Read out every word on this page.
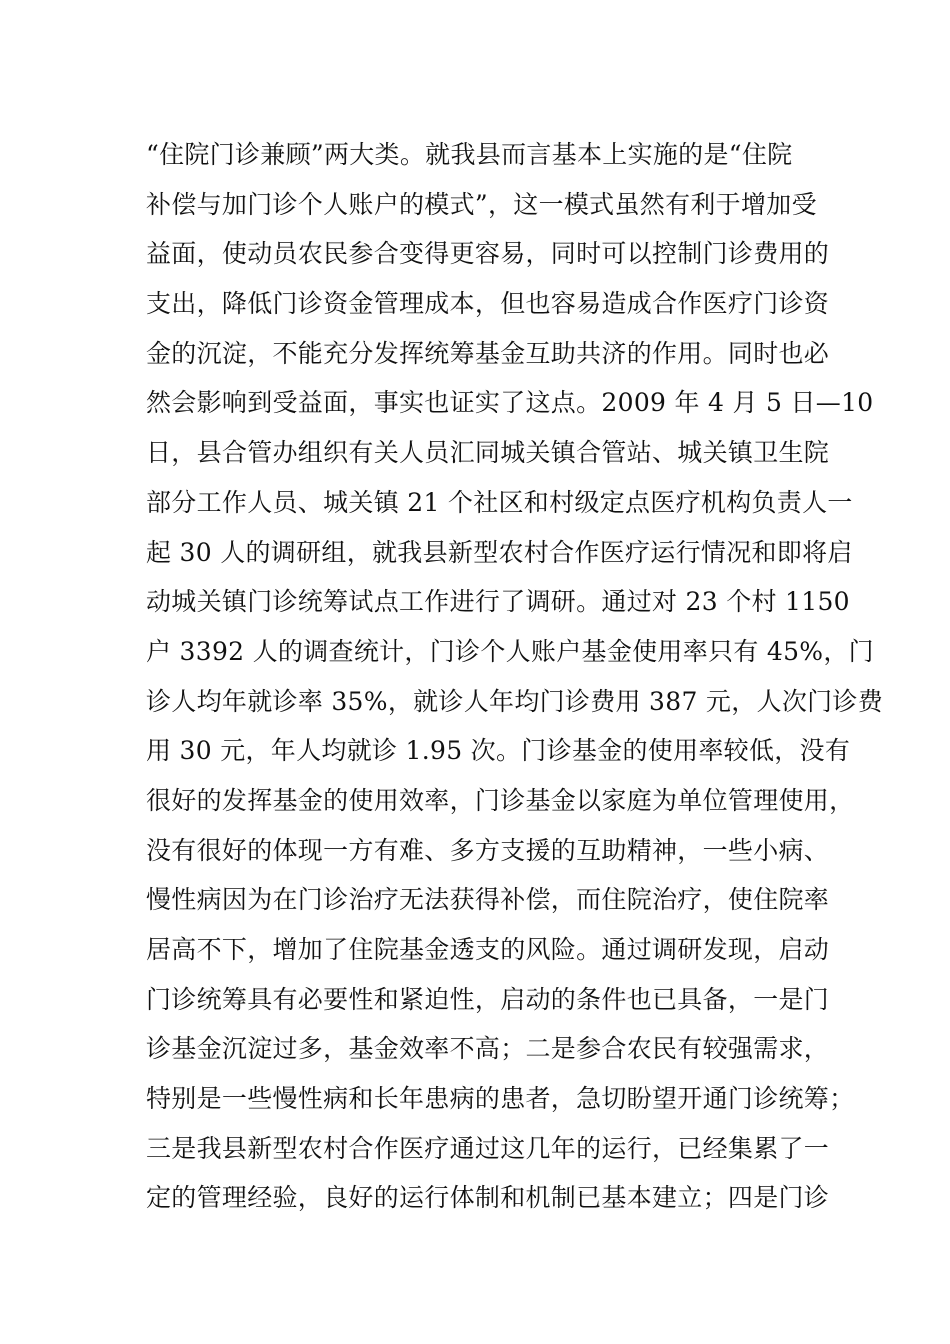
“住院门诊兼顾”两大类。就我县而言基本上实施的是“住院
补偿与加门诊个人账户的模式”，这一模式虽然有利于增加受
益面，使动员农民参合变得更容易，同时可以控制门诊费用的
支出，降低门诊资金管理成本，但也容易造成合作医疗门诊资
金的沉淀，不能充分发挥统筹基金互助共济的作用。同时也必
然会影响到受益面，事实也证实了这点。2009 年 4 月 5 日—10
日，县合管办组织有关人员汇同城关镇合管站、城关镇卫生院
部分工作人员、城关镇 21 个社区和村级定点医疗机构负责人一
起 30 人的调研组，就我县新型农村合作医疗运行情况和即将启
动城关镇门诊统筹试点工作进行了调研。通过对 23 个村 1150
户 3392 人的调查统计，门诊个人账户基金使用率只有 45%，门
诊人均年就诊率 35%，就诊人年均门诊费用 387 元，人次门诊费
用 30 元，年人均就诊 1.95 次。门诊基金的使用率较低，没有
很好的发挥基金的使用效率，门诊基金以家庭为单位管理使用，
没有很好的体现一方有难、多方支援的互助精神，一些小病、
慢性病因为在门诊治疗无法获得补偿，而住院治疗，使住院率
居高不下，增加了住院基金透支的风险。通过调研发现，启动
门诊统筹具有必要性和紧迫性，启动的条件也已具备，一是门
诊基金沉淀过多，基金效率不高；二是参合农民有较强需求，
特别是一些慢性病和长年患病的患者，急切盼望开通门诊统筹；
三是我县新型农村合作医疗通过这几年的运行，已经集累了一
定的管理经验，良好的运行体制和机制已基本建立；四是门诊
